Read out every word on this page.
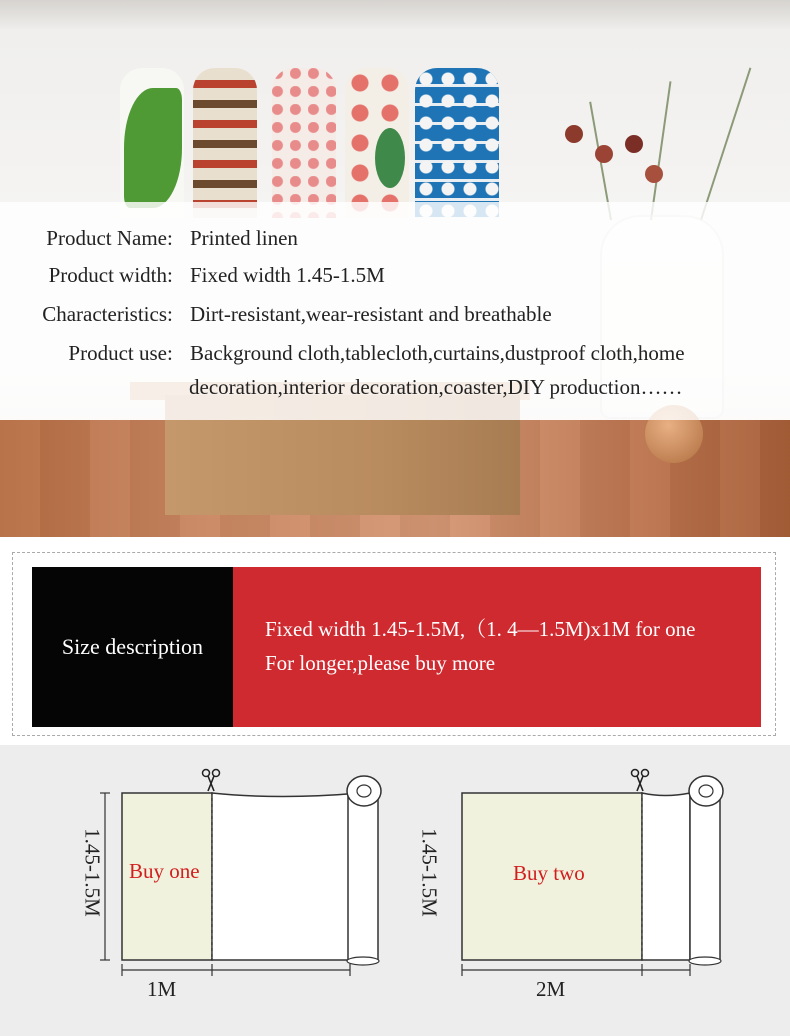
Product Name : Printed linen
Product width : Fixed width 1.45-1.5M
Characteristics : Dirt-resistant,wear-resistant and breathable
Product use : Background cloth,tablecloth,curtains,dustproof cloth,home
decoration,interior decoration,coaster,DIY production……
Size description
Fixed width 1.45-1.5M,（1. 4—1.5M)x1M for one
For longer,please buy more
Buy one	Buy two
1.45-1.5M	1.45-1.5M
1M	2M
